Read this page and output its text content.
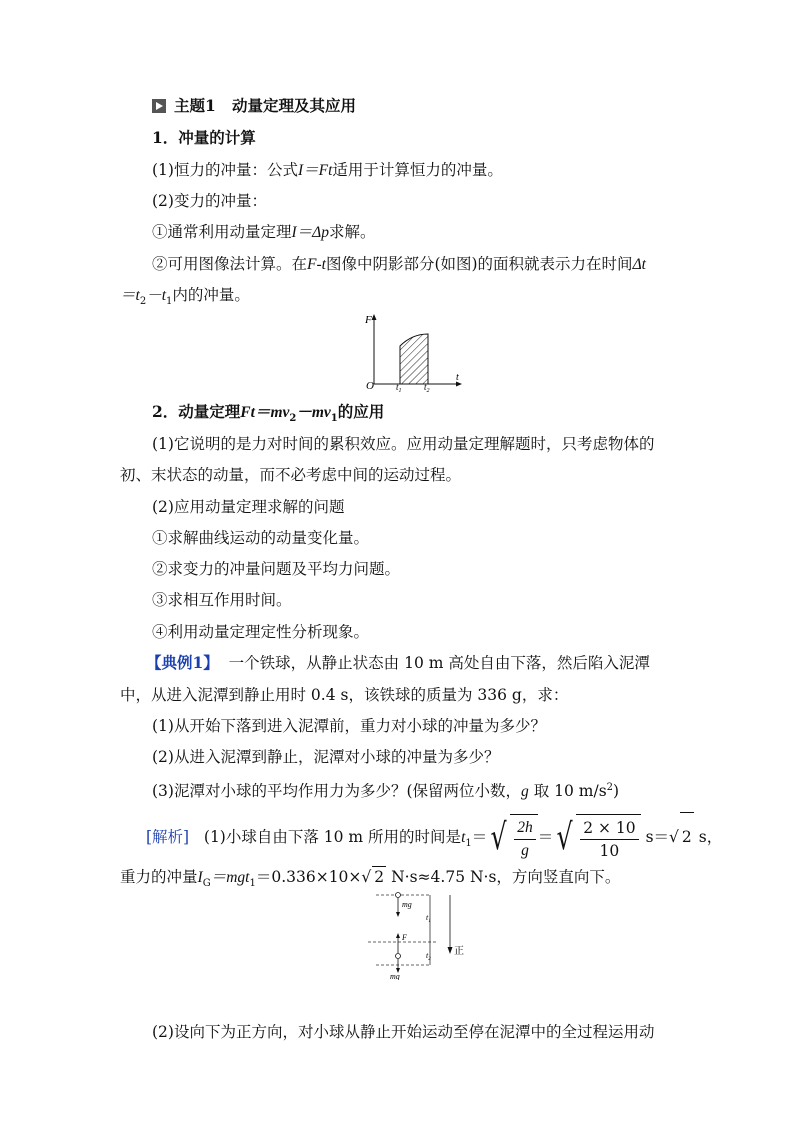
主题1 动量定理及其应用
1．冲量的计算
(1)恒力的冲量：公式I＝Ft适用于计算恒力的冲量。
(2)变力的冲量：
①通常利用动量定理I＝Δp求解。
②可用图像法计算。在F-t图像中阴影部分(如图)的面积就表示力在时间Δt
$=t_2-t_1$内的冲量。
F
O $t_1$ $t_2$
t
2．动量定理$Ft=mv_2-mv_1$的应用
(1)它说明的是力对时间的累积效应。应用动量定理解题时，只考虑物体的
初、末状态的动量，而不必考虑中间的运动过程。
(2)应用动量定理求解的问题
①求解曲线运动的动量变化量。
②求变力的冲量问题及平均力问题。
③求相互作用时间。
④利用动量定理定性分析现象。
【典例1】 一个铁球，从静止状态由 10 m 高处自由下落，然后陷入泥潭
中，从进入泥潭到静止用时 0.4 s，该铁球的质量为 336 g，求：
(1)从开始下落到进入泥潭前，重力对小球的冲量为多少？
(2)从进入泥潭到静止，泥潭对小球的冲量为多少？
(3)泥潭对小球的平均作用力为多少？(保留两位小数，g 取 10 $m/s^2$)
[解析] (1)小球自由下落 10 m 所用的时间是$t_1=√ \frac{2h}{g}$ ＝√ $\frac{2 \times 10}{10} s=√$ 2 s，
重力的冲量$I_G=mgt_1=0.336\times 10\times√$ 2 N·s≈4.75 N·s，方向竖直向下。
mg
F
mg
$t_1$
$t_2$
正
(2)设向下为正方向，对小球从静止开始运动至停在泥潭中的全过程运用动
